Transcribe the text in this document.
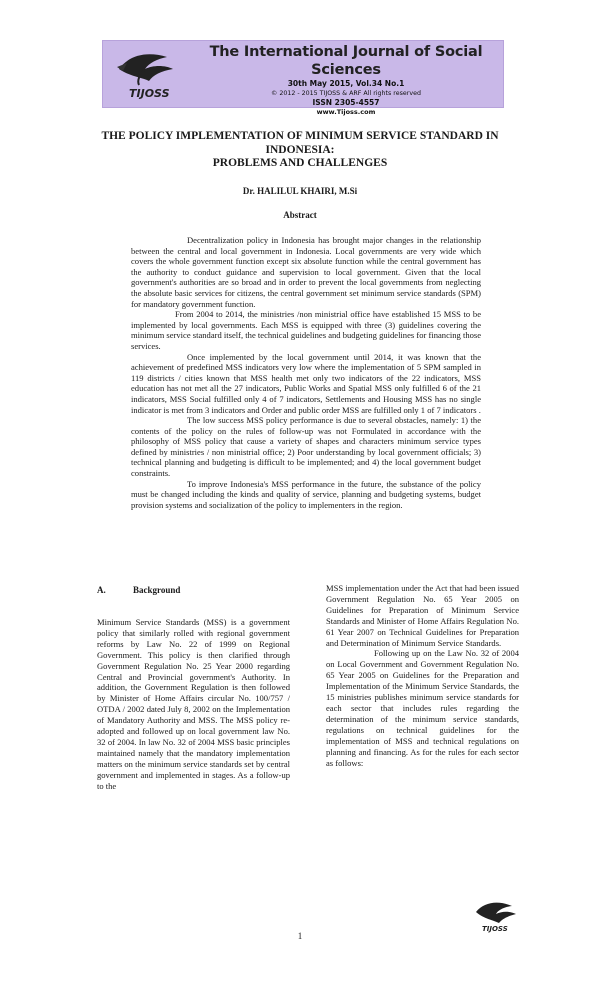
TIJOSS
The International Journal of Social Sciences
30th May 2015, Vol.34 No.1
© 2012 - 2015 TIJOSS & ARF All rights reserved
ISSN 2305-4557
www.Tijoss.com
THE POLICY IMPLEMENTATION OF MINIMUM SERVICE STANDARD IN INDONESIA:
PROBLEMS AND CHALLENGES
Dr. HALILUL KHAIRI, M.Si
Abstract

Decentralization policy in Indonesia has brought major changes in the relationship between the central and local government in Indonesia. Local governments are very wide which covers the whole government function except six absolute function while the central government has the authority to conduct guidance and supervision to local government. Given that the local government's authorities are so broad and in order to prevent the local governments from neglecting the absolute basic services for citizens, the central government set minimum service standards (SPM) for mandatory government function.

From 2004 to 2014, the ministries /non ministrial office have established 15 MSS to be implemented by local governments. Each MSS is equipped with three (3) guidelines covering the minimum service standard itself, the technical guidelines and budgeting guidelines for financing those services.

Once implemented by the local government until 2014, it was known that the achievement of predefined MSS indicators very low where the implementation of 5 SPM sampled in 119 districts / cities known that MSS health met only two indicators of the 22 indicators, MSS education has not met all the 27 indicators, Public Works and Spatial MSS only fulfilled 6 of the 21 indicators, MSS Social fulfilled only 4 of 7 indicators, Settlements and Housing MSS has no single indicator is met from 3 indicators and Order and public order MSS are fulfilled only 1 of 7 indicators .

The low success MSS policy performance is due to several obstacles, namely: 1) the contents of the policy on the rules of follow-up was not Formulated in accordance with the philosophy of MSS policy that cause a variety of shapes and characters minimum service types defined by ministries / non ministrial office; 2) Poor understanding by local government officials; 3) technical planning and budgeting is difficult to be implemented; and 4) the local government budget constraints.

To improve Indonesia's MSS performance in the future, the substance of the policy must be changed including the kinds and quality of service, planning and budgeting systems, budget provision systems and socialization of the policy to implementers in the region.

A.	Background

Minimum Service Standards (MSS) is a government policy that similarly rolled with regional government reforms by Law No. 22 of 1999 on Regional Government. This policy is then clarified through Government Regulation No. 25 Year 2000 regarding Central and Provincial government's Authority. In addition, the Government Regulation is then followed by Minister of Home Affairs circular No. 100/757 / OTDA / 2002 dated July 8, 2002 on the Implementation of Mandatory Authority and MSS. The MSS policy re-adopted and followed up on local government law No. 32 of 2004. In law No. 32 of 2004 MSS basic principles maintained namely that the mandatory implementation matters on the minimum service standards set by central government and implemented in stages. As a follow-up to the

MSS implementation under the Act that had been issued Government Regulation No. 65 Year 2005 on Guidelines for Preparation of Minimum Service Standards and Minister of Home Affairs Regulation No. 61 Year 2007 on Technical Guidelines for Preparation and Determination of Minimum Service Standards.

Following up on the Law No. 32 of 2004 on Local Government and Government Regulation No. 65 Year 2005 on Guidelines for the Preparation and Implementation of the Minimum Service Standards, the 15 ministries publishes minimum service standards for each sector that includes rules regarding the determination of the minimum service standards, regulations on technical guidelines for the implementation of MSS and technical regulations on planning and financing. As for the rules for each sector as follows:

TIJOSS
1
